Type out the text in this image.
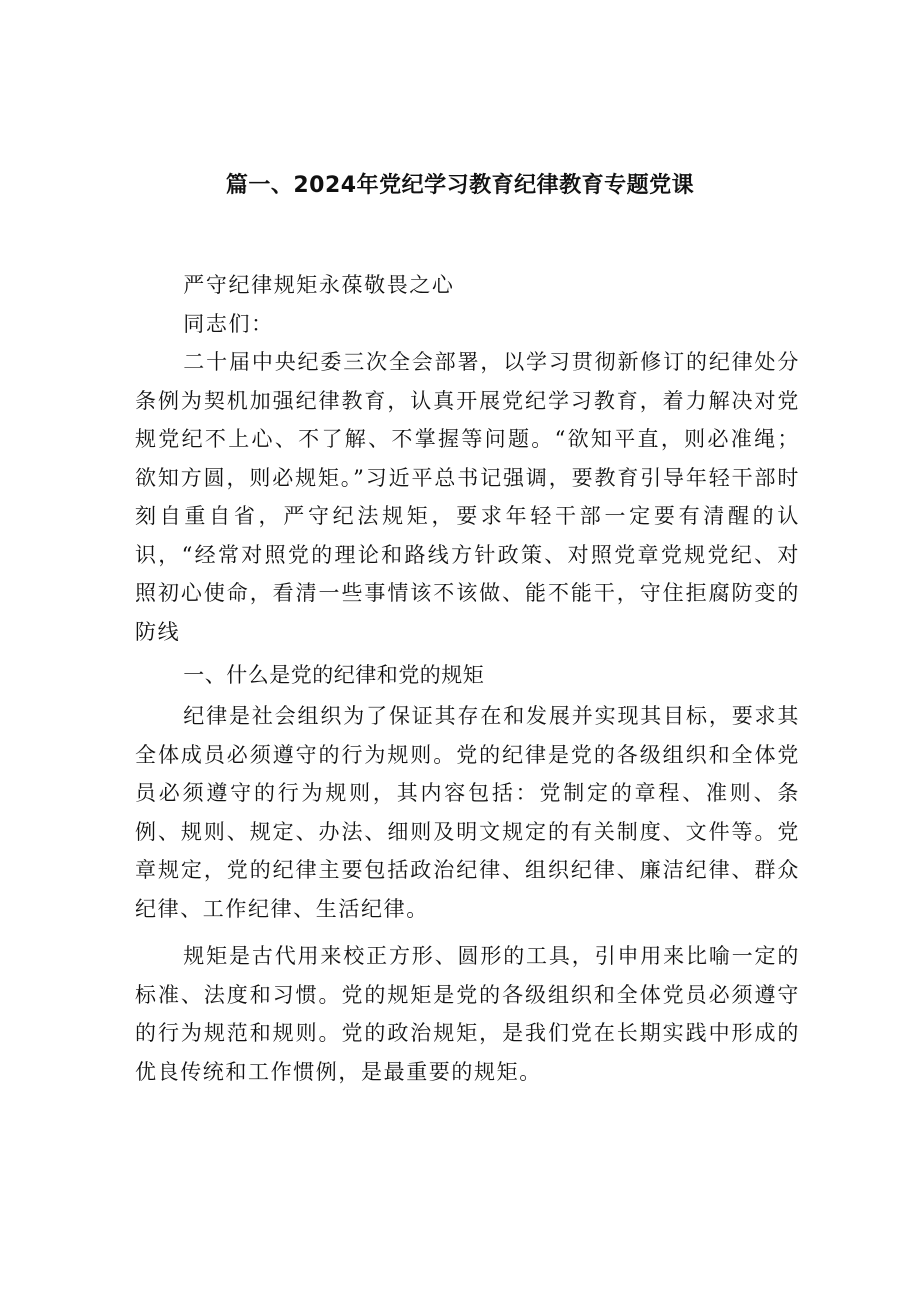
篇一、2024年党纪学习教育纪律教育专题党课

严守纪律规矩永葆敬畏之心

同志们：

二十届中央纪委三次全会部署，以学习贯彻新修订的纪律处分条例为契机加强纪律教育，认真开展党纪学习教育，着力解决对党规党纪不上心、不了解、不掌握等问题。“欲知平直，则必准绳；欲知方圆，则必规矩。”习近平总书记强调，要教育引导年轻干部时刻自重自省，严守纪法规矩，要求年轻干部一定要有清醒的认识，“经常对照党的理论和路线方针政策、对照党章党规党纪、对照初心使命，看清一些事情该不该做、能不能干，守住拒腐防变的防线

一、什么是党的纪律和党的规矩

纪律是社会组织为了保证其存在和发展并实现其目标，要求其全体成员必须遵守的行为规则。党的纪律是党的各级组织和全体党员必须遵守的行为规则，其内容包括：党制定的章程、准则、条例、规则、规定、办法、细则及明文规定的有关制度、文件等。党章规定，党的纪律主要包括政治纪律、组织纪律、廉洁纪律、群众纪律、工作纪律、生活纪律。

规矩是古代用来校正方形、圆形的工具，引申用来比喻一定的标准、法度和习惯。党的规矩是党的各级组织和全体党员必须遵守的行为规范和规则。党的政治规矩，是我们党在长期实践中形成的优良传统和工作惯例，是最重要的规矩。
